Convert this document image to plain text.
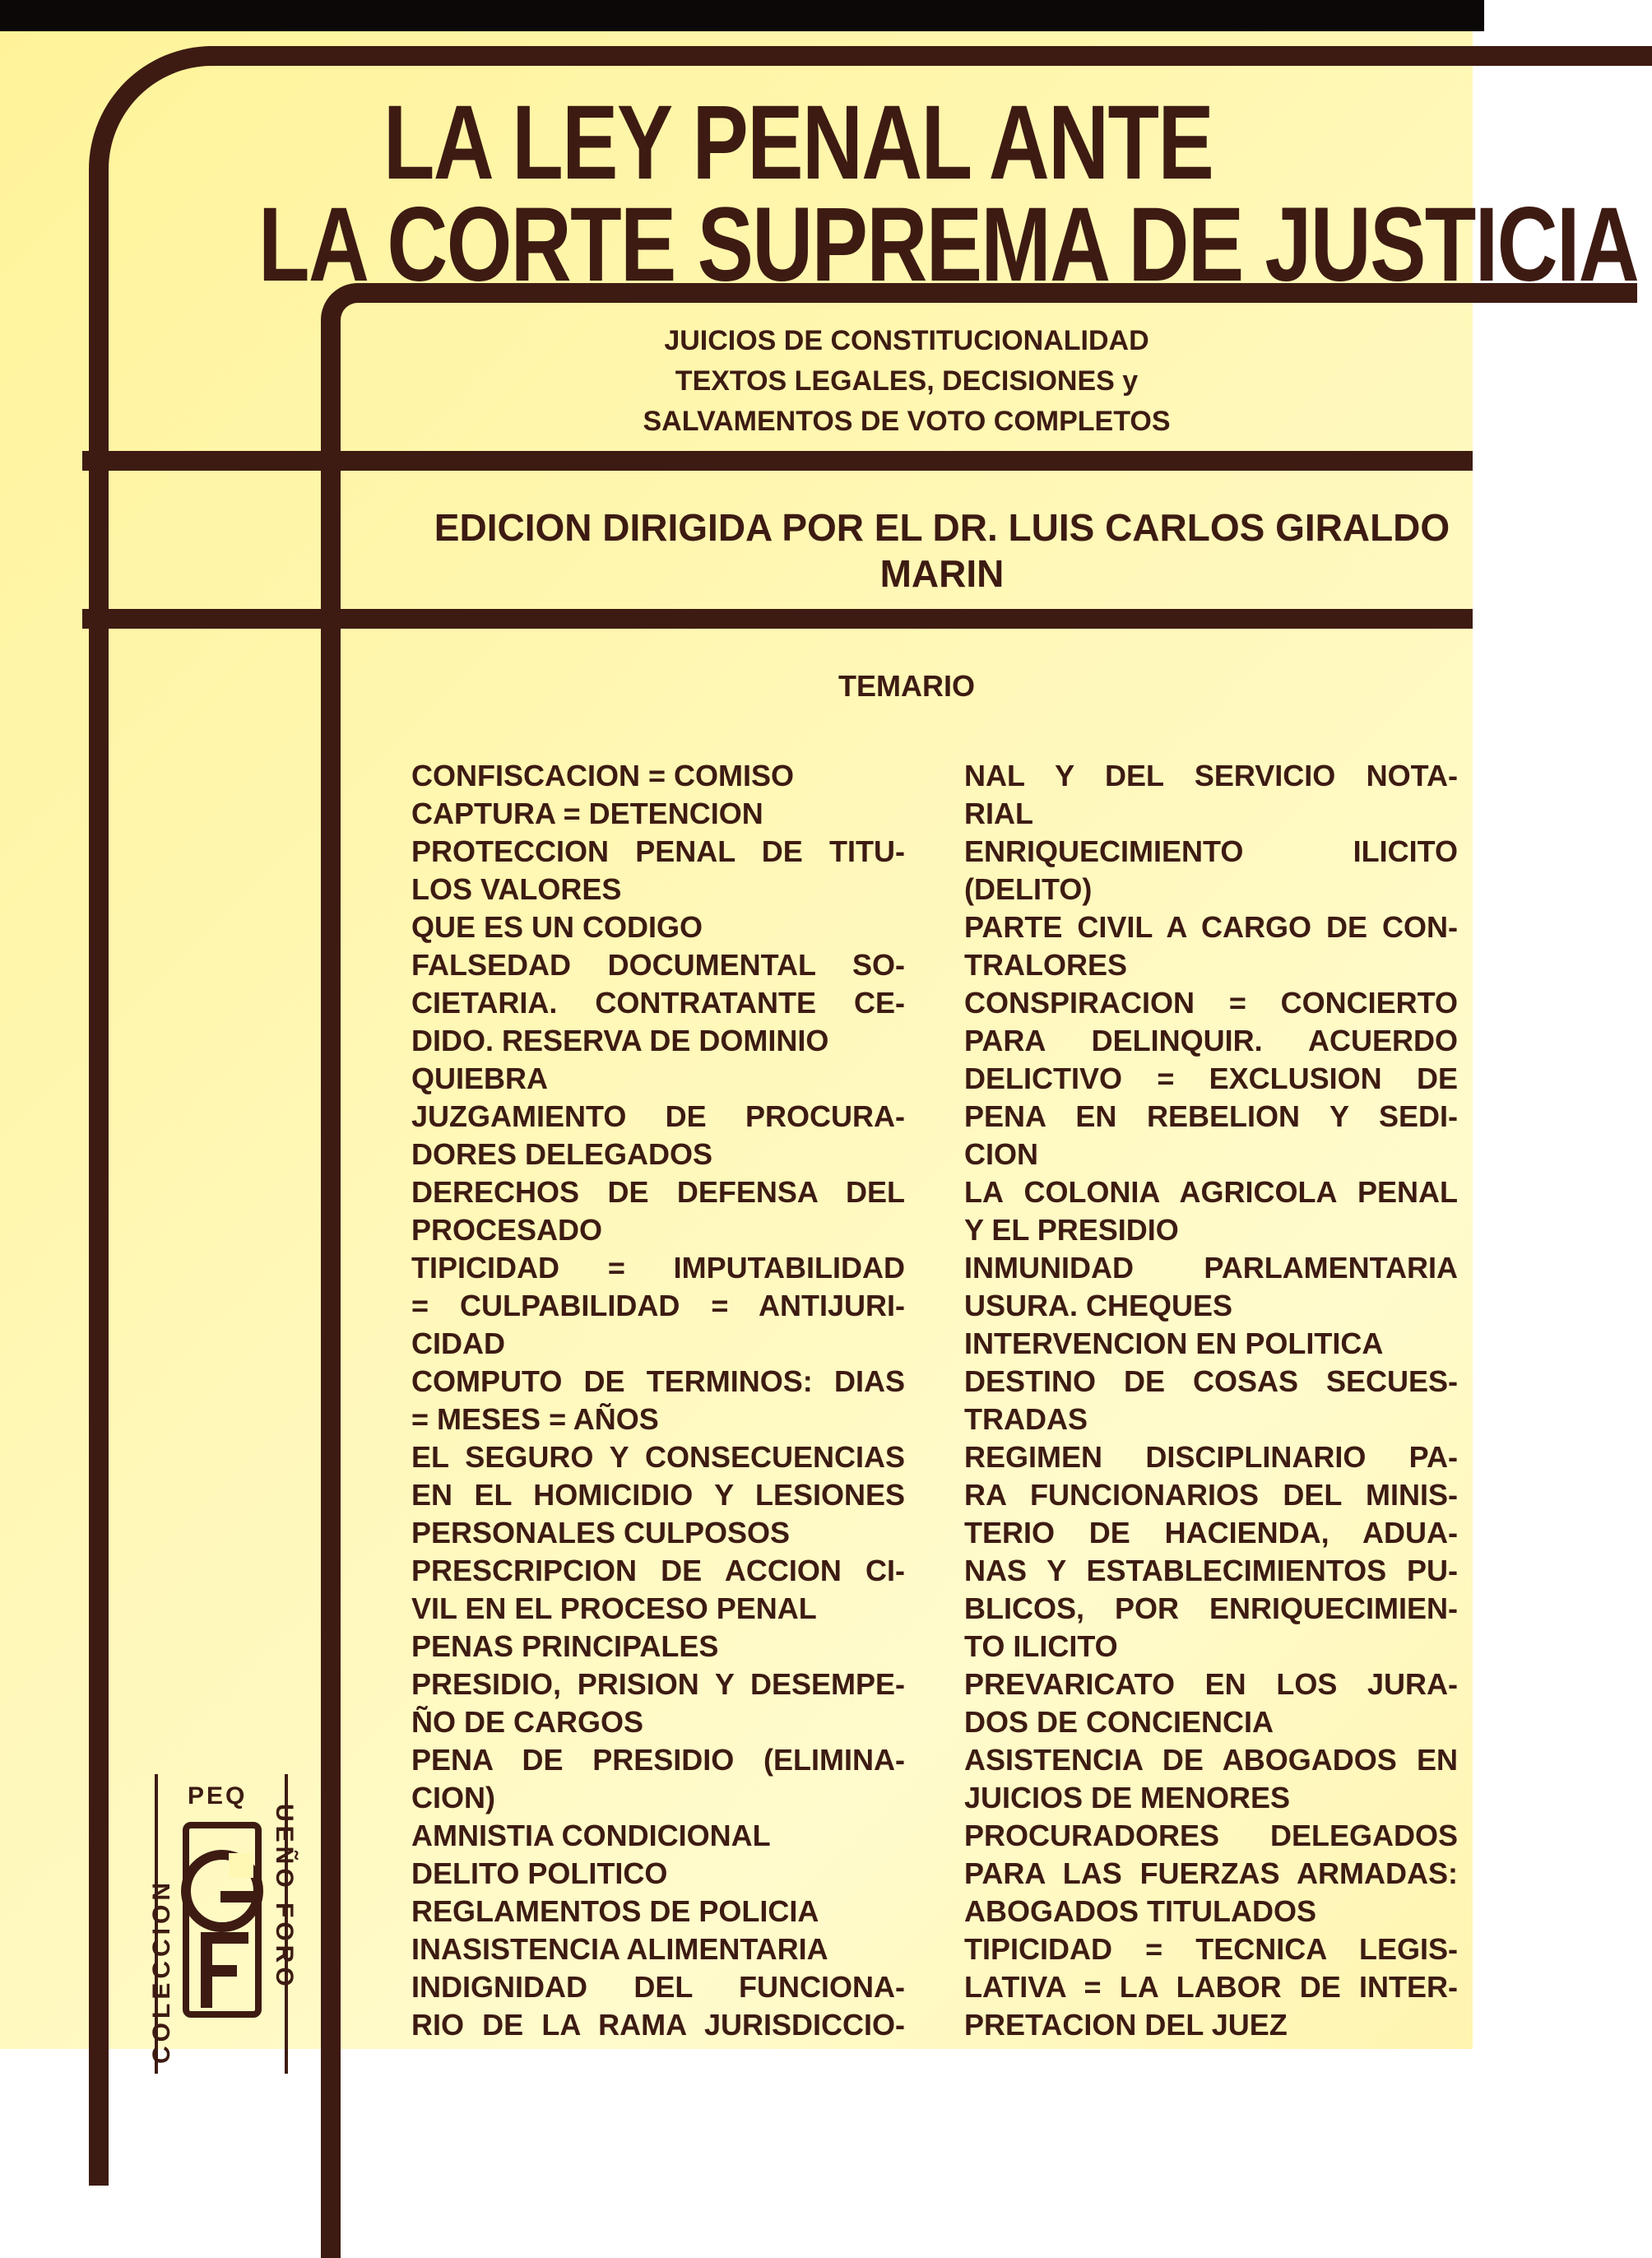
LA LEY PENAL ANTE
LA CORTE SUPREMA DE JUSTICIA
JUICIOS DE CONSTITUCIONALIDAD
TEXTOS LEGALES, DECISIONES y
SALVAMENTOS DE VOTO COMPLETOS
EDICION DIRIGIDA POR EL DR. LUIS CARLOS GIRALDO
MARIN
TEMARIO
CONFISCACION = COMISO
CAPTURA = DETENCION
PROTECCION PENAL DE TITU-
LOS VALORES
QUE ES UN CODIGO
FALSEDAD DOCUMENTAL SO-
CIETARIA. CONTRATANTE CE-
DIDO. RESERVA DE DOMINIO
QUIEBRA
JUZGAMIENTO DE PROCURA-
DORES DELEGADOS
DERECHOS DE DEFENSA DEL
PROCESADO
TIPICIDAD = IMPUTABILIDAD
= CULPABILIDAD = ANTIJURI-
CIDAD
COMPUTO DE TERMINOS: DIAS
= MESES = AÑOS
EL SEGURO Y CONSECUENCIAS
EN EL HOMICIDIO Y LESIONES
PERSONALES CULPOSOS
PRESCRIPCION DE ACCION CI-
VIL EN EL PROCESO PENAL
PENAS PRINCIPALES
PRESIDIO, PRISION Y DESEMPE-
ÑO DE CARGOS
PENA DE PRESIDIO (ELIMINA-
CION)
AMNISTIA CONDICIONAL
DELITO POLITICO
REGLAMENTOS DE POLICIA
INASISTENCIA ALIMENTARIA
INDIGNIDAD DEL FUNCIONA-
RIO DE LA RAMA JURISDICCIO-
NAL Y DEL SERVICIO NOTA-
RIAL
ENRIQUECIMIENTO ILICITO
(DELITO)
PARTE CIVIL A CARGO DE CON-
TRALORES
CONSPIRACION = CONCIERTO
PARA DELINQUIR. ACUERDO
DELICTIVO = EXCLUSION DE
PENA EN REBELION Y SEDI-
CION
LA COLONIA AGRICOLA PENAL
Y EL PRESIDIO
INMUNIDAD PARLAMENTARIA
USURA. CHEQUES
INTERVENCION EN POLITICA
DESTINO DE COSAS SECUES-
TRADAS
REGIMEN DISCIPLINARIO PA-
RA FUNCIONARIOS DEL MINIS-
TERIO DE HACIENDA, ADUA-
NAS Y ESTABLECIMIENTOS PU-
BLICOS, POR ENRIQUECIMIEN-
TO ILICITO
PREVARICATO EN LOS JURA-
DOS DE CONCIENCIA
ASISTENCIA DE ABOGADOS EN
JUICIOS DE MENORES
PROCURADORES DELEGADOS
PARA LAS FUERZAS ARMADAS:
ABOGADOS TITULADOS
TIPICIDAD = TECNICA LEGIS-
LATIVA = LA LABOR DE INTER-
PRETACION DEL JUEZ
COLECCION
PEQ
UEÑO FORO
